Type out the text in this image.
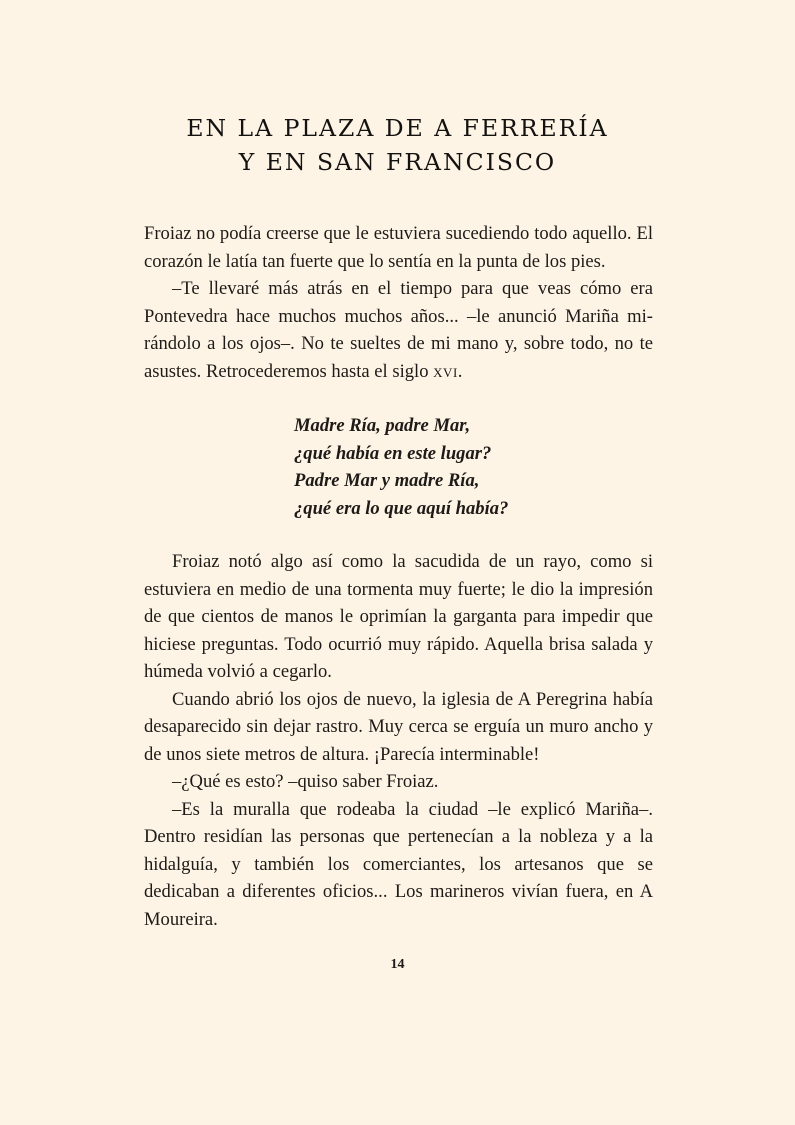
EN LA PLAZA DE A FERRERÍA
Y EN SAN FRANCISCO

Froiaz no podía creerse que le estuviera sucediendo todo aquello. El corazón le latía tan fuerte que lo sentía en la punta de los pies.

–Te llevaré más atrás en el tiempo para que veas cómo era Pontevedra hace muchos muchos años... –le anunció Mariña mirándolo a los ojos–. No te sueltes de mi mano y, sobre todo, no te asustes. Retrocederemos hasta el siglo xvi.

Madre Ría, padre Mar,
¿qué había en este lugar?
Padre Mar y madre Ría,
¿qué era lo que aquí había?

Froiaz notó algo así como la sacudida de un rayo, como si estuviera en medio de una tormenta muy fuerte; le dio la impresión de que cientos de manos le oprimían la garganta para impedir que hiciese preguntas. Todo ocurrió muy rápido. Aquella brisa salada y húmeda volvió a cegarlo.

Cuando abrió los ojos de nuevo, la iglesia de A Peregrina había desaparecido sin dejar rastro. Muy cerca se erguía un muro ancho y de unos siete metros de altura. ¡Parecía interminable!

–¿Qué es esto? –quiso saber Froiaz.

–Es la muralla que rodeaba la ciudad –le explicó Mariña–. Dentro residían las personas que pertenecían a la nobleza y a la hidalguía, y también los comerciantes, los artesanos que se dedicaban a diferentes oficios... Los marineros vivían fuera, en A Moureira.

14
